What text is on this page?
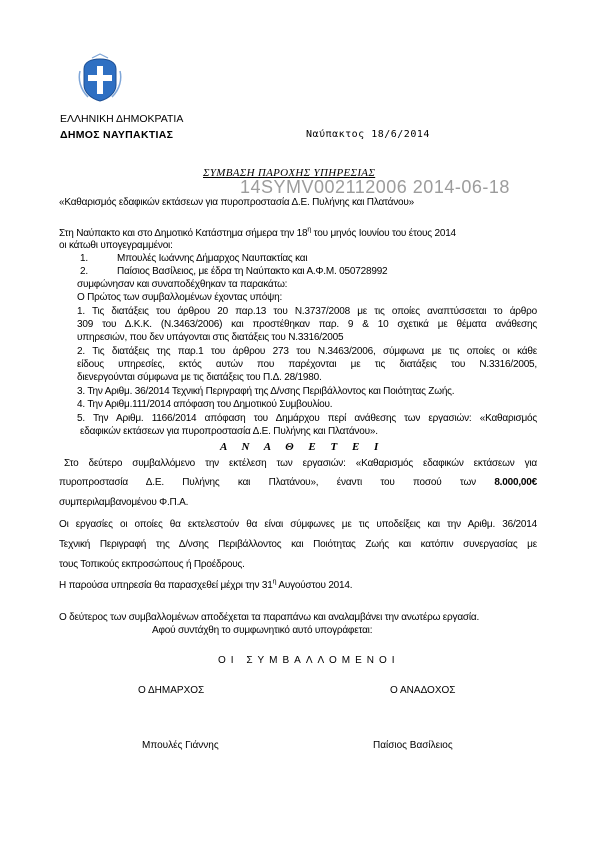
ΕΛΛΗΝΙΚΗ ΔΗΜΟΚΡΑΤΙΑ
ΔΗΜΟΣ ΝΑΥΠΑΚΤΙΑΣ	Ναύπακτος 18/6/2014
ΣΥΜΒΑΣΗ ΠΑΡΟΧΗΣ ΥΠΗΡΕΣΙΑΣ
14SYMV002112006 2014-06-18
«Καθαρισμός εδαφικών εκτάσεων για πυροπροστασία Δ.Ε. Πυλήνης και Πλατάνου»
Στη Ναύπακτο και στο Δημοτικό Κατάστημα σήμερα την $18^\eta$ του μηνός Ιουνίου του έτους 2014
οι κάτωθι υπογεγραμμένοι:
1.	Μπουλές Ιωάννης Δήμαρχος Ναυπακτίας και
2.	Παίσιος Βασίλειος, με έδρα τη Ναύπακτο και Α.Φ.Μ. 050728992
συμφώνησαν και συναποδέχθηκαν τα παρακάτω:
Ο Πρώτος των συμβαλλομένων έχοντας υπόψη:
1. Τις διατάξεις του άρθρου 20 παρ.13 του Ν.3737/2008 με τις οποίες αναπτύσσεται το άρθρο
309 του Δ.Κ.Κ. (Ν.3463/2006) και προστέθηκαν παρ. 9 & 10 σχετικά με θέματα ανάθεσης
υπηρεσιών, που δεν υπάγονται στις διατάξεις του Ν.3316/2005
2. Τις διατάξεις της παρ.1 του άρθρου 273 του Ν.3463/2006, σύμφωνα με τις οποίες οι κάθε
είδους υπηρεσίες, εκτός αυτών που παρέχονται με τις διατάξεις του Ν.3316/2005,
διενεργούνται σύμφωνα με τις διατάξεις του Π.Δ. 28/1980.
3. Την Αριθμ. 36/2014 Τεχνική Περιγραφή της Δ/νσης Περιβάλλοντος και Ποιότητας Ζωής.
4. Την Αριθμ.111/2014 απόφαση του Δημοτικού Συμβουλίου.
5. Την Αριθμ. 1166/2014 απόφαση του Δημάρχου περί ανάθεσης των εργασιών: «Καθαρισμός
εδαφικών εκτάσεων για πυροπροστασία Δ.Ε. Πυλήνης και Πλατάνου».
Α Ν Α Θ Ε Τ Ε Ι
Στο δεύτερο συμβαλλόμενο την εκτέλεση των εργασιών: «Καθαρισμός εδαφικών εκτάσεων για
πυροπροστασία Δ.Ε. Πυλήνης και Πλατάνου», έναντι του ποσού των 8.000,00€
συμπεριλαμβανομένου Φ.Π.Α.
Οι εργασίες οι οποίες θα εκτελεστούν θα είναι σύμφωνες με τις υποδείξεις και την Αριθμ. 36/2014
Τεχνική Περιγραφή της Δ/νσης Περιβάλλοντος και Ποιότητας Ζωής και κατόπιν συνεργασίας με
τους Τοπικούς εκπροσώπους ή Προέδρους.
Η παρούσα υπηρεσία θα παρασχεθεί μέχρι την $31^\eta$ Αυγούστου 2014.
Ο δεύτερος των συμβαλλομένων αποδέχεται τα παραπάνω και αναλαμβάνει την ανωτέρω εργασία.
Αφού συντάχθη το συμφωνητικό αυτό υπογράφεται:
ΟΙ ΣΥΜΒΑΛΛΟΜΕΝΟΙ
Ο ΔΗΜΑΡΧΟΣ	Ο ΑΝΑΔΟΧΟΣ
Μπουλές Γιάννης	Παίσιος Βασίλειος
